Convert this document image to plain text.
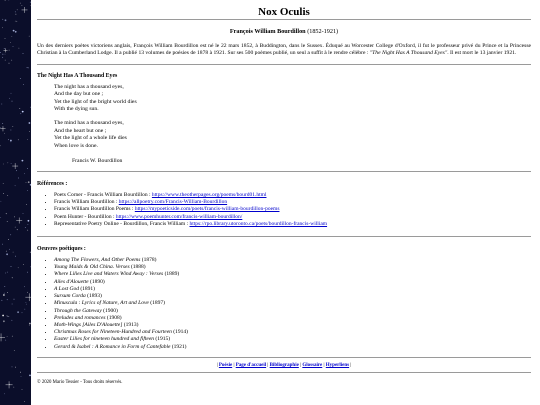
Nox Oculis
François William Bourdillon (1852-1921)
Un des derniers poètes victoriens anglais, François William Bourdillon est né le 22 mars 1852, à Buddington, dans le Sussex. Éduqué au Worcester College d'Oxford, il fut le professeur privé du Prince et la Princesse Christian à la Cumberland Lodge. Il a publié 13 volumes de poésies de 1878 à 1921. Sur ses 500 poèmes publié, un seul a suffit à le rendre célèbre : "The Night Has A Thousand Eyes". Il est mort le 13 janvier 1921.
The Night Has A Thousand Eyes
The night has a thousand eyes,
And the day but one ;
Yet the light of the bright world dies
With the dying sun.
The mind has a thousand eyes,
And the heart but one ;
Yet the light of a whole life dies
When love is done.
Francis W. Bourdillon
Références :
• Poets Corner - Francis William Bourdillon : https://www.theotherpages.org/poems/bourd01.html
• Francis William Bourdillon : https://allpoetry.com/Francis-William-Bourdillon
• Francis William Bourdillon Poems : https://mypoeticside.com/poets/francis-william-bourdillon-poems
• Poem Hunter - Bourdillon : https://www.poemhunter.com/francis-william-bourdillon/
• Representative Poetry Online - Bourdillon, Francis William : https://rpo.library.utoronto.ca/poets/bourdillon-francis-william
Oeuvres poétiques :
• Among The Flowers, And Other Poems (1878)
• Young Maids & Old China. Verses (1888)
• Where Lilies Live and Waters Wind Away : Verses (1889)
• Ailes d'Alouette (1890)
• A Lost God (1891)
• Sursum Corda (1893)
• Minuscula : Lyrics of Nature, Art and Love (1897)
• Through the Gateway (1900)
• Preludes and romances (1908)
• Moth-Wings [Ailes D'Alouette] (1913)
• Christmas Roses for Nineteen-Hundred and Fourteen (1914)
• Easter Lilies for nineteen hundred and fifteen (1915)
• Gerard & Isabel : A Romance in Form of Cantefable (1921)
| Poésie | Page d'accueil | Bibliographie | Glossaire | Hyperliens |
© 2020 Mario Tessier - Tous droits réservés.
